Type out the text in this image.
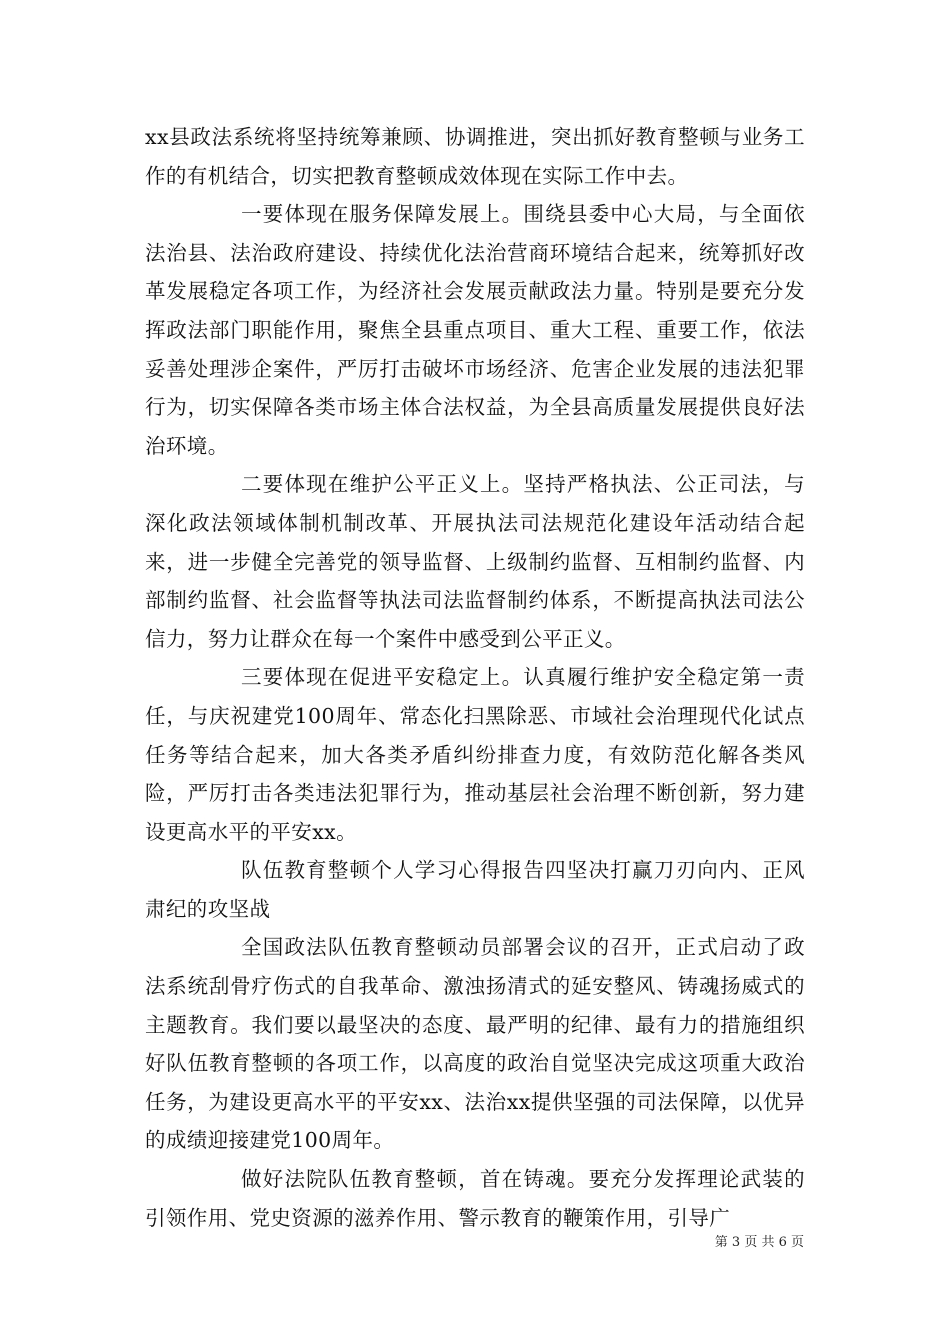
xx县政法系统将坚持统筹兼顾、协调推进，突出抓好教育整顿与业务工作的有机结合，切实把教育整顿成效体现在实际工作中去。

一要体现在服务保障发展上。围绕县委中心大局，与全面依法治县、法治政府建设、持续优化法治营商环境结合起来，统筹抓好改革发展稳定各项工作，为经济社会发展贡献政法力量。特别是要充分发挥政法部门职能作用，聚焦全县重点项目、重大工程、重要工作，依法妥善处理涉企案件，严厉打击破坏市场经济、危害企业发展的违法犯罪行为，切实保障各类市场主体合法权益，为全县高质量发展提供良好法治环境。

二要体现在维护公平正义上。坚持严格执法、公正司法，与深化政法领域体制机制改革、开展执法司法规范化建设年活动结合起来，进一步健全完善党的领导监督、上级制约监督、互相制约监督、内部制约监督、社会监督等执法司法监督制约体系，不断提高执法司法公信力，努力让群众在每一个案件中感受到公平正义。

三要体现在促进平安稳定上。认真履行维护安全稳定第一责任，与庆祝建党100周年、常态化扫黑除恶、市域社会治理现代化试点任务等结合起来，加大各类矛盾纠纷排查力度，有效防范化解各类风险，严厉打击各类违法犯罪行为，推动基层社会治理不断创新，努力建设更高水平的平安xx。

队伍教育整顿个人学习心得报告四坚决打赢刀刃向内、正风肃纪的攻坚战

全国政法队伍教育整顿动员部署会议的召开，正式启动了政法系统刮骨疗伤式的自我革命、激浊扬清式的延安整风、铸魂扬威式的主题教育。我们要以最坚决的态度、最严明的纪律、最有力的措施组织好队伍教育整顿的各项工作，以高度的政治自觉坚决完成这项重大政治任务，为建设更高水平的平安xx、法治xx提供坚强的司法保障，以优异的成绩迎接建党100周年。

做好法院队伍教育整顿，首在铸魂。要充分发挥理论武装的引领作用、党史资源的滋养作用、警示教育的鞭策作用，引导广

第 3 页 共 6 页
